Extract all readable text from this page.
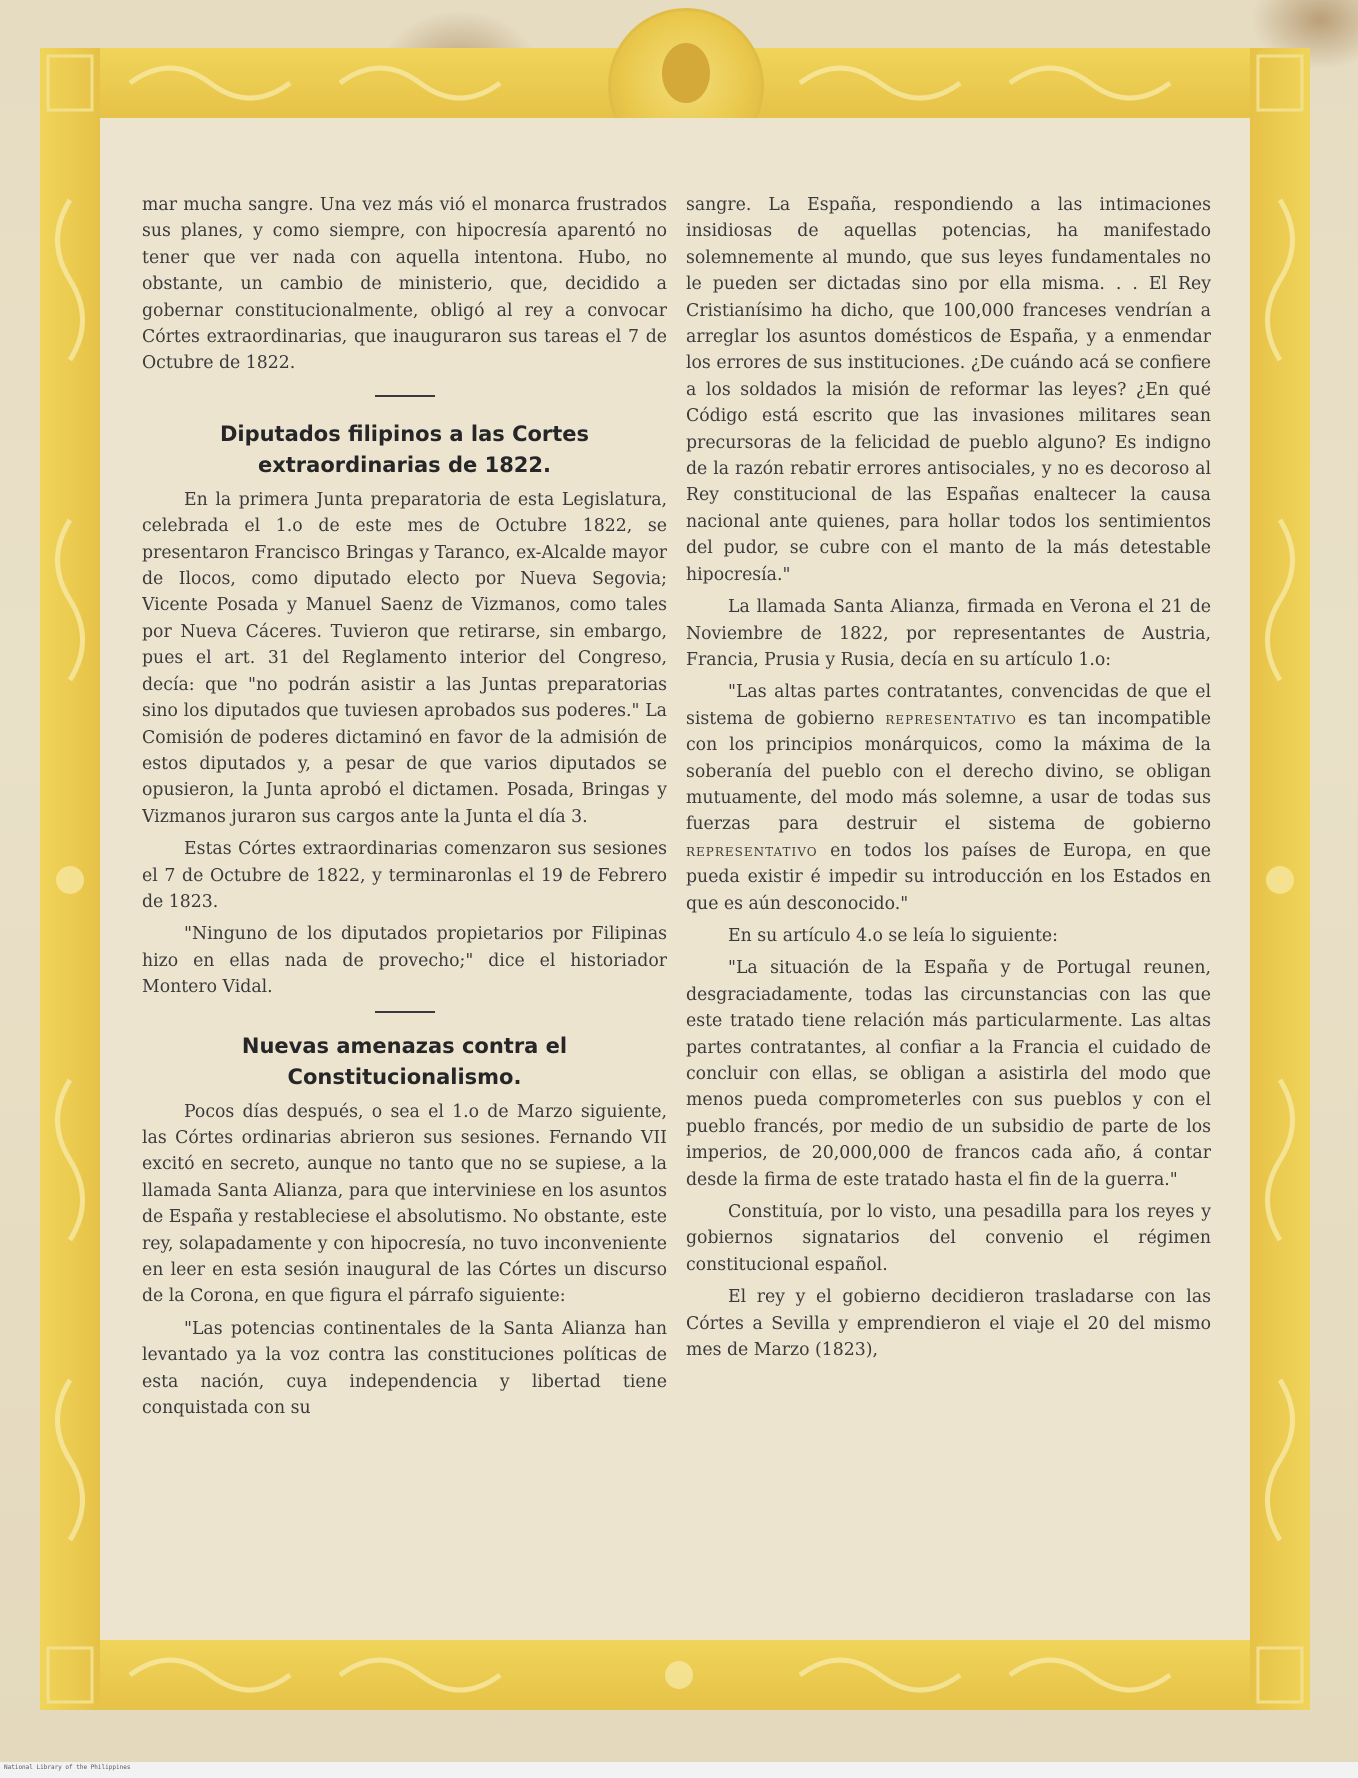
mar mucha sangre. Una vez más vió el monarca frustrados sus planes, y como siempre, con hipocresía aparentó no tener que ver nada con aquella intentona. Hubo, no obstante, un cambio de ministerio, que, decidido a gobernar constitucionalmente, obligó al rey a convocar Córtes extraordinarias, que inauguraron sus tareas el 7 de Octubre de 1822.

Diputados filipinos a las Cortes extraordinarias de 1822.

En la primera Junta preparatoria de esta Legislatura, celebrada el 1.o de este mes de Octubre 1822, se presentaron Francisco Bringas y Taranco, ex-Alcalde mayor de Ilocos, como diputado electo por Nueva Segovia; Vicente Posada y Manuel Saenz de Vizmanos, como tales por Nueva Cáceres. Tuvieron que retirarse, sin embargo, pues el art. 31 del Reglamento interior del Congreso, decía: que "no podrán asistir a las Juntas preparatorias sino los diputados que tuviesen aprobados sus poderes." La Comisión de poderes dictaminó en favor de la admisión de estos diputados y, a pesar de que varios diputados se opusieron, la Junta aprobó el dictamen. Posada, Bringas y Vizmanos juraron sus cargos ante la Junta el día 3.

Estas Córtes extraordinarias comenzaron sus sesiones el 7 de Octubre de 1822, y terminaronlas el 19 de Febrero de 1823.

"Ninguno de los diputados propietarios por Filipinas hizo en ellas nada de provecho;" dice el historiador Montero Vidal.

Nuevas amenazas contra el Constitucionalismo.

Pocos días después, o sea el 1.o de Marzo siguiente, las Córtes ordinarias abrieron sus sesiones. Fernando VII excitó en secreto, aunque no tanto que no se supiese, a la llamada Santa Alianza, para que interviniese en los asuntos de España y restableciese el absolutismo. No obstante, este rey, solapadamente y con hipocresía, no tuvo inconveniente en leer en esta sesión inaugural de las Córtes un discurso de la Corona, en que figura el párrafo siguiente:

"Las potencias continentales de la Santa Alianza han levantado ya la voz contra las constituciones políticas de esta nación, cuya independencia y libertad tiene conquistada con su

sangre. La España, respondiendo a las intimaciones insidiosas de aquellas potencias, ha manifestado solemnemente al mundo, que sus leyes fundamentales no le pueden ser dictadas sino por ella misma. . . El Rey Cristianísimo ha dicho, que 100,000 franceses vendrían a arreglar los asuntos domésticos de España, y a enmendar los errores de sus instituciones. ¿De cuándo acá se confiere a los soldados la misión de reformar las leyes? ¿En qué Código está escrito que las invasiones militares sean precursoras de la felicidad de pueblo alguno? Es indigno de la razón rebatir errores antisociales, y no es decoroso al Rey constitucional de las Españas enaltecer la causa nacional ante quienes, para hollar todos los sentimientos del pudor, se cubre con el manto de la más detestable hipocresía."

La llamada Santa Alianza, firmada en Verona el 21 de Noviembre de 1822, por representantes de Austria, Francia, Prusia y Rusia, decía en su artículo 1.o:

"Las altas partes contratantes, convencidas de que el sistema de gobierno representativo es tan incompatible con los principios monárquicos, como la máxima de la soberanía del pueblo con el derecho divino, se obligan mutuamente, del modo más solemne, a usar de todas sus fuerzas para destruir el sistema de gobierno representativo en todos los países de Europa, en que pueda existir é impedir su introducción en los Estados en que es aún desconocido."

En su artículo 4.o se leía lo siguiente:

"La situación de la España y de Portugal reunen, desgraciadamente, todas las circunstancias con las que este tratado tiene relación más particularmente. Las altas partes contratantes, al confiar a la Francia el cuidado de concluir con ellas, se obligan a asistirla del modo que menos pueda comprometerles con sus pueblos y con el pueblo francés, por medio de un subsidio de parte de los imperios, de 20,000,000 de francos cada año, á contar desde la firma de este tratado hasta el fin de la guerra."

Constituía, por lo visto, una pesadilla para los reyes y gobiernos signatarios del convenio el régimen constitucional español.

El rey y el gobierno decidieron trasladarse con las Córtes a Sevilla y emprendieron el viaje el 20 del mismo mes de Marzo (1823),

National Library of the Philippines
